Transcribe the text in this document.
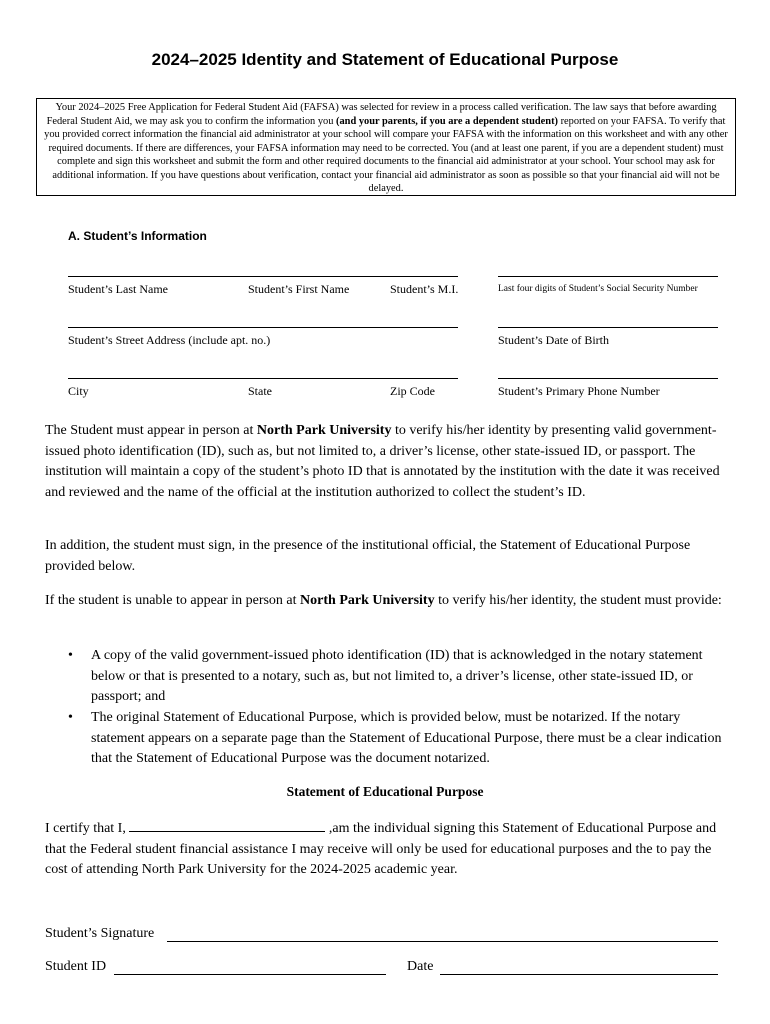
2024–2025 Identity and Statement of Educational Purpose
Your 2024–2025 Free Application for Federal Student Aid (FAFSA) was selected for review in a process called verification. The law says that before awarding Federal Student Aid, we may ask you to confirm the information you (and your parents, if you are a dependent student) reported on your FAFSA. To verify that you provided correct information the financial aid administrator at your school will compare your FAFSA with the information on this worksheet and with any other required documents. If there are differences, your FAFSA information may need to be corrected. You (and at least one parent, if you are a dependent student) must complete and sign this worksheet and submit the form and other required documents to the financial aid administrator at your school. Your school may ask for additional information. If you have questions about verification, contact your financial aid administrator as soon as possible so that your financial aid will not be delayed.
A. Student’s Information
Student’s Last Name	Student’s First Name	Student’s M.I.	Last four digits of Student’s Social Security Number
Student’s Street Address (include apt. no.)	Student’s Date of Birth
City	State	Zip Code	Student’s Primary Phone Number
The Student must appear in person at North Park University to verify his/her identity by presenting valid government-issued photo identification (ID), such as, but not limited to, a driver’s license, other state-issued ID, or passport. The institution will maintain a copy of the student’s photo ID that is annotated by the institution with the date it was received and reviewed and the name of the official at the institution authorized to collect the student’s ID.
In addition, the student must sign, in the presence of the institutional official, the Statement of Educational Purpose provided below.
If the student is unable to appear in person at North Park University to verify his/her identity, the student must provide:
• A copy of the valid government-issued photo identification (ID) that is acknowledged in the notary statement below or that is presented to a notary, such as, but not limited to, a driver’s license, other state-issued ID, or passport; and
• The original Statement of Educational Purpose, which is provided below, must be notarized. If the notary statement appears on a separate page than the Statement of Educational Purpose, there must be a clear indication that the Statement of Educational Purpose was the document notarized.
Statement of Educational Purpose
I certify that I,	,am the individual signing this Statement of Educational Purpose and that the Federal student financial assistance I may receive will only be used for educational purposes and the to pay the cost of attending North Park University for the 2024-2025 academic year.
Student’s Signature
Student ID	Date
